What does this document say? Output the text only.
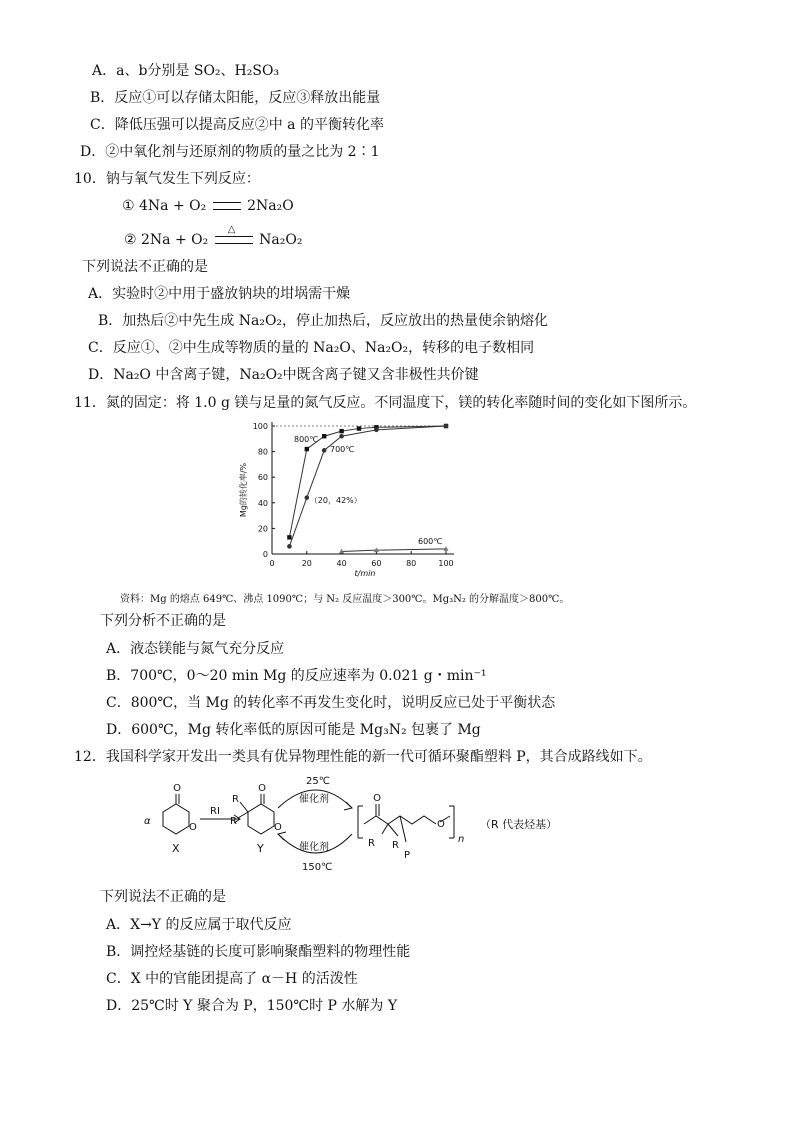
A．a、b分别是 SO₂、H₂SO₃
B．反应①可以存储太阳能，反应③释放出能量
C．降低压强可以提高反应②中 a 的平衡转化率
D．②中氧化剂与还原剂的物质的量之比为 2∶1
10．钠与氧气发生下列反应：
① 4Na + O₂	2Na₂O
② 2Na + O₂
△
Na₂O₂
下列说法不正确的是
A．实验时②中用于盛放钠块的坩埚需干燥
B．加热后②中先生成 Na₂O₂，停止加热后，反应放出的热量使余钠熔化
C．反应①、②中生成等物质的量的 Na₂O、Na₂O₂，转移的电子数相同
D．Na₂O 中含离子键，Na₂O₂中既含离子键又含非极性共价键
11．氮的固定：将 1.0 g 镁与足量的氮气反应。不同温度下，镁的转化率随时间的变化如下图所示。
0	20	40	60	80	100
0
20
40
60
80
100
t/min
Mg的转化率/%
800℃
700℃
600℃
（20，42%）
资料：Mg 的熔点 649℃、沸点 1090℃；与 N₂ 反应温度＞300℃。Mg₃N₂ 的分解温度＞800℃。
下列分析不正确的是
A．液态镁能与氮气充分反应
B．700℃，0～20 min Mg 的反应速率为 0.021 g・min⁻¹
C．800℃，当 Mg 的转化率不再发生变化时，说明反应已处于平衡状态
D．600℃，Mg 转化率低的原因可能是 Mg₃N₂ 包裹了 Mg
12．我国科学家开发出一类具有优异物理性能的新一代可循环聚酯塑料 P，其合成路线如下。
O
O
O
O
O
O
α
X
RI
R
R
Y
25℃
催化剂
催化剂
150℃
R R
P
n
（R 代表烃基）
下列说法不正确的是
A．X→Y 的反应属于取代反应
B．调控烃基链的长度可影响聚酯塑料的物理性能
C．X 中的官能团提高了 α－H 的活泼性
D．25℃时 Y 聚合为 P，150℃时 P 水解为 Y
